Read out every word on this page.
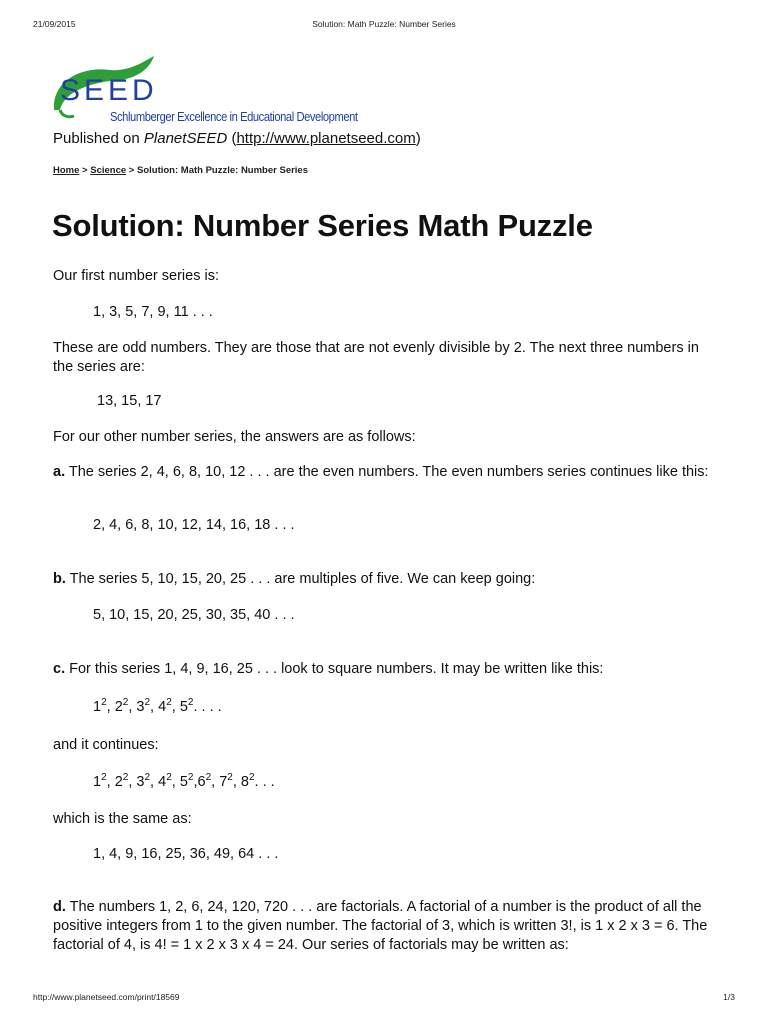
21/09/2015	Solution: Math Puzzle: Number Series
SEED
Schlumberger Excellence in Educational Development
Published on PlanetSEED (http://www.planetseed.com)
Home > Science > Solution: Math Puzzle: Number Series
Solution: Number Series Math Puzzle
Our first number series is:
1, 3, 5, 7, 9, 11 . . .
These are odd numbers. They are those that are not evenly divisible by 2. The next three numbers in the series are:
13, 15, 17
For our other number series, the answers are as follows:
a. The series 2, 4, 6, 8, 10, 12 . . . are the even numbers. The even numbers series continues like this:
2, 4, 6, 8, 10, 12, 14, 16, 18 . . .
b. The series 5, 10, 15, 20, 25 . . . are multiples of five. We can keep going:
5, 10, 15, 20, 25, 30, 35, 40 . . .
c. For this series 1, 4, 9, 16, 25 . . . look to square numbers. It may be written like this:
$1^2$, $2^2$, $3^2$, $4^2$, $5^2$. . . .
and it continues:
$1^2$, $2^2$, $3^2$, $4^2$, $5^2,6^2$, $7^2$, $8^2$. . .
which is the same as:
1, 4, 9, 16, 25, 36, 49, 64 . . .
d. The numbers 1, 2, 6, 24, 120, 720 . . . are factorials. A factorial of a number is the product of all the positive integers from 1 to the given number. The factorial of 3, which is written 3!, is 1 x 2 x 3 = 6. The factorial of 4, is 4! = 1 x 2 x 3 x 4 = 24. Our series of factorials may be written as:
http://www.planetseed.com/print/18569	1/3
